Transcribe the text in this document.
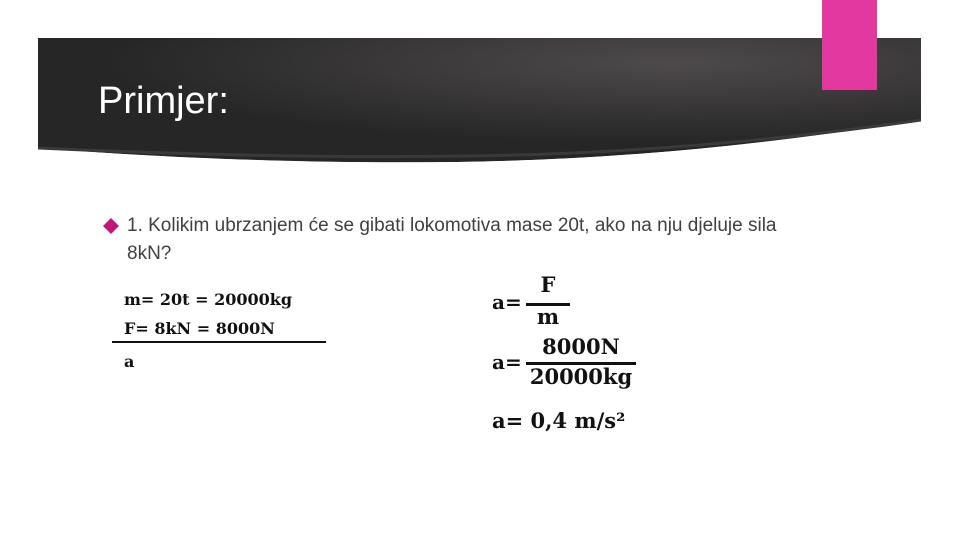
Primjer:
1. Kolikim ubrzanjem će se gibati lokomotiva mase 20t, ako na nju djeluje sila 8kN?
m= 20t = 20000kg
F= 8kN = 8000N
a
a=
F
m
a=
8000N
20000kg
a= 0,4 m/s²
